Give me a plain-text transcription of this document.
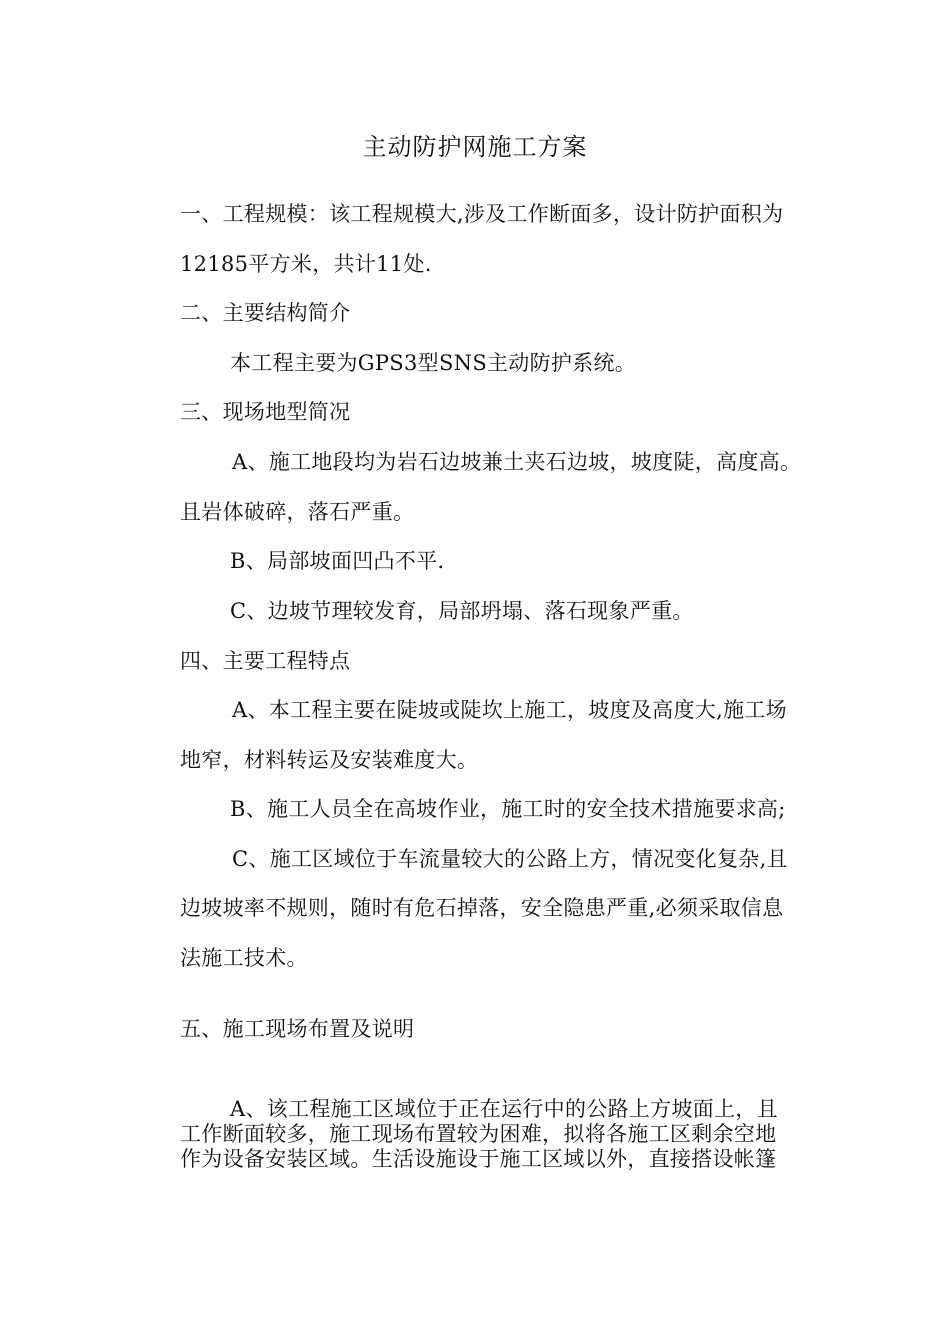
主动防护网施工方案
一、工程规模：该工程规模大,涉及工作断面多，设计防护面积为
12185平方米，共计11处.
二、主要结构简介
本工程主要为GPS3型SNS主动防护系统。
三、现场地型简况
A、施工地段均为岩石边坡兼土夹石边坡，坡度陡，高度高。
且岩体破碎，落石严重。
B、局部坡面凹凸不平.
C、边坡节理较发育，局部坍塌、落石现象严重。
四、主要工程特点
A、本工程主要在陡坡或陡坎上施工，坡度及高度大,施工场
地窄，材料转运及安装难度大。
B、施工人员全在高坡作业，施工时的安全技术措施要求高;
C、施工区域位于车流量较大的公路上方，情况变化复杂,且
边坡坡率不规则，随时有危石掉落，安全隐患严重,必须采取信息
法施工技术。
五、施工现场布置及说明
A、该工程施工区域位于正在运行中的公路上方坡面上，且
工作断面较多，施工现场布置较为困难，拟将各施工区剩余空地
作为设备安装区域。生活设施设于施工区域以外，直接搭设帐篷
